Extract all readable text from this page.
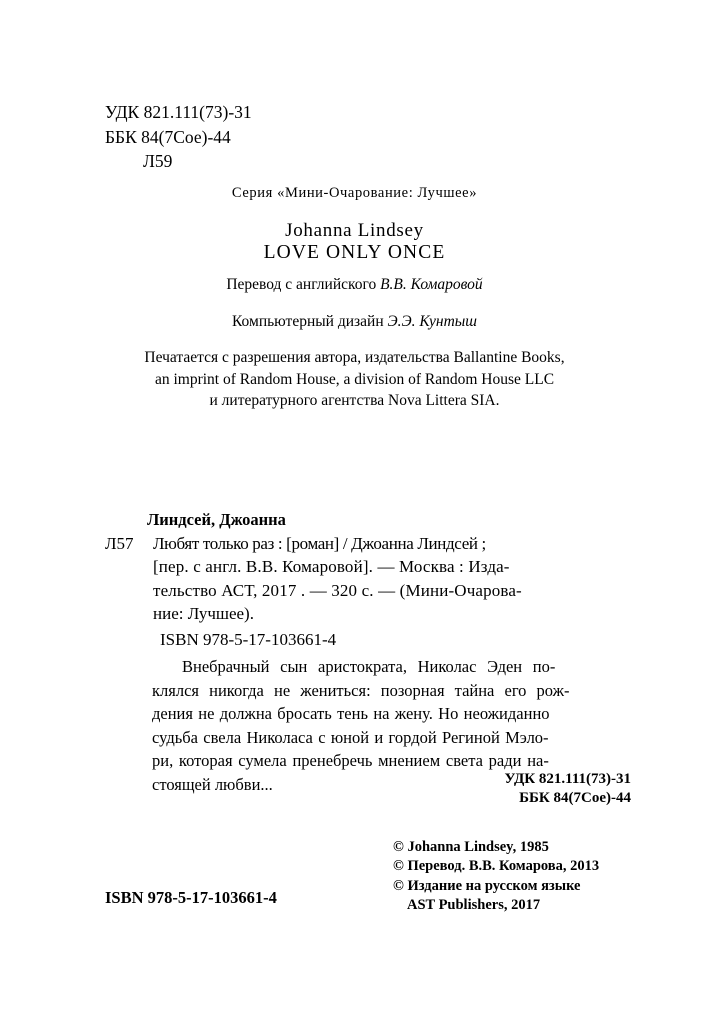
УДК 821.111(73)-31
ББК 84(7Сое)-44
Л59
Серия «Мини-Очарование: Лучшее»
Johanna Lindsey
LOVE ONLY ONCE
Перевод с английского В.В. Комаровой
Компьютерный дизайн Э.Э. Кунтыш
Печатается с разрешения автора, издательства Ballantine Books,
an imprint of Random House, a division of Random House LLC
и литературного агентства Nova Littera SIA.
Линдсей, Джоанна
Л57	Любят только раз : [роман] / Джоанна Линдсей ;
[пер. с англ. В.В. Комаровой]. — Москва : Изда-
тельство АСТ, 2017 . — 320 с. — (Мини-Очарова-
ние: Лучшее).
ISBN 978-5-17-103661-4
Внебрачный сын аристократа, Николас Эден по-
клялся никогда не жениться: позорная тайна его рож-
дения не должна бросать тень на жену. Но неожиданно
судьба свела Николаса с юной и гордой Региной Мэло-
ри, которая сумела пренебречь мнением света ради на-
стоящей любви...	УДК 821.111(73)-31
ББК 84(7Сое)-44
© Johanna Lindsey, 1985
© Перевод. В.В. Комарова, 2013
© Издание на русском языке
AST Publishers, 2017
ISBN 978-5-17-103661-4
